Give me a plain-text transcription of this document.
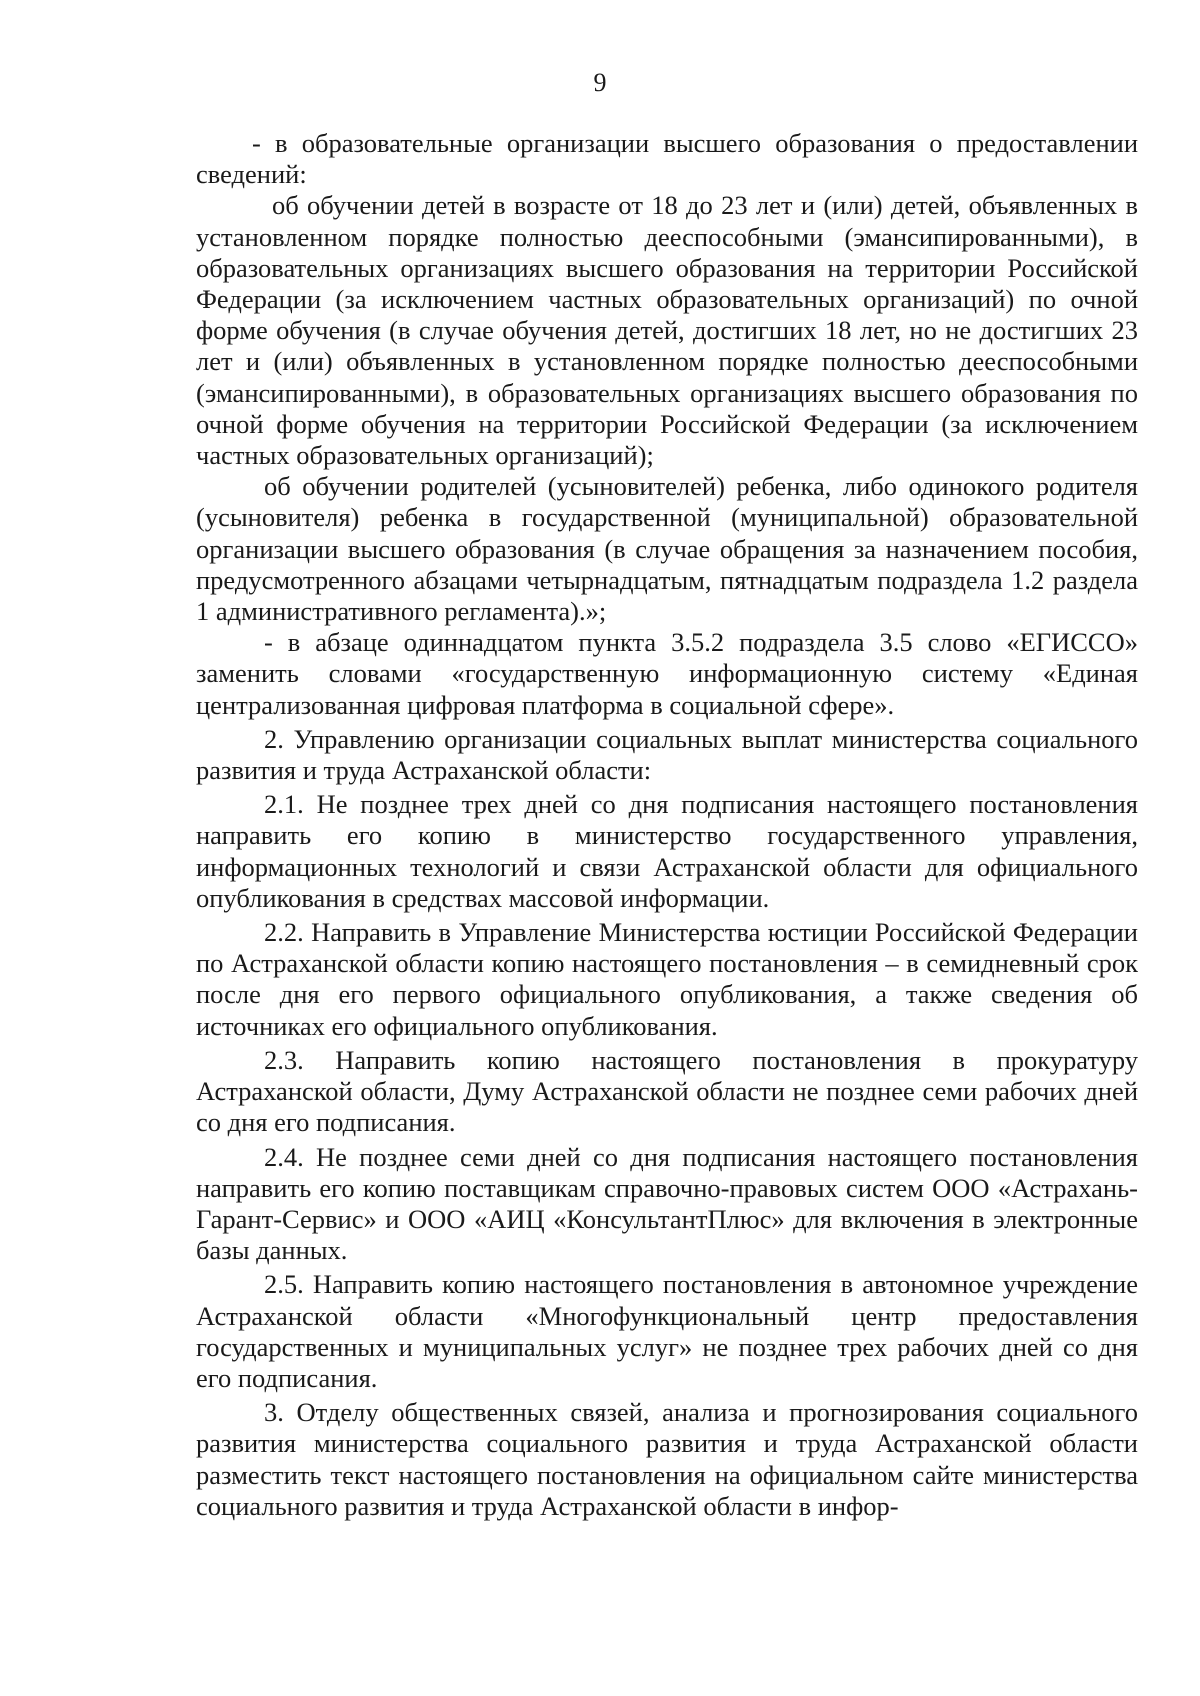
9

- в образовательные организации высшего образования о предоставлении сведений:

об обучении детей в возрасте от 18 до 23 лет и (или) детей, объявленных в установленном порядке полностью дееспособными (эмансипированными), в образовательных организациях высшего образования на территории Российской Федерации (за исключением частных образовательных организаций) по очной форме обучения (в случае обучения детей, достигших 18 лет, но не достигших 23 лет и (или) объявленных в установленном порядке полностью дееспособными (эмансипированными), в образовательных организациях высшего образования по очной форме обучения на территории Российской Федерации (за исключением частных образовательных организаций);

об обучении родителей (усыновителей) ребенка, либо одинокого родителя (усыновителя) ребенка в государственной (муниципальной) образовательной организации высшего образования (в случае обращения за назначением пособия, предусмотренного абзацами четырнадцатым, пятнадцатым подраздела 1.2 раздела 1 административного регламента).»;

- в абзаце одиннадцатом пункта 3.5.2 подраздела 3.5 слово «ЕГИССО» заменить словами «государственную информационную систему «Единая централизованная цифровая платформа в социальной сфере».

2. Управлению организации социальных выплат министерства социального развития и труда Астраханской области:

2.1. Не позднее трех дней со дня подписания настоящего постановления направить его копию в министерство государственного управления, информационных технологий и связи Астраханской области для официального опубликования в средствах массовой информации.

2.2. Направить в Управление Министерства юстиции Российской Федерации по Астраханской области копию настоящего постановления – в семидневный срок после дня его первого официального опубликования, а также сведения об источниках его официального опубликования.

2.3. Направить копию настоящего постановления в прокуратуру Астраханской области, Думу Астраханской области не позднее семи рабочих дней со дня его подписания.

2.4. Не позднее семи дней со дня подписания настоящего постановления направить его копию поставщикам справочно-правовых систем ООО «Астрахань-Гарант-Сервис» и ООО «АИЦ «КонсультантПлюс» для включения в электронные базы данных.

2.5. Направить копию настоящего постановления в автономное учреждение Астраханской области «Многофункциональный центр предоставления государственных и муниципальных услуг» не позднее трех рабочих дней со дня его подписания.

3. Отделу общественных связей, анализа и прогнозирования социального развития министерства социального развития и труда Астраханской области разместить текст настоящего постановления на официальном сайте министерства социального развития и труда Астраханской области в инфор-
